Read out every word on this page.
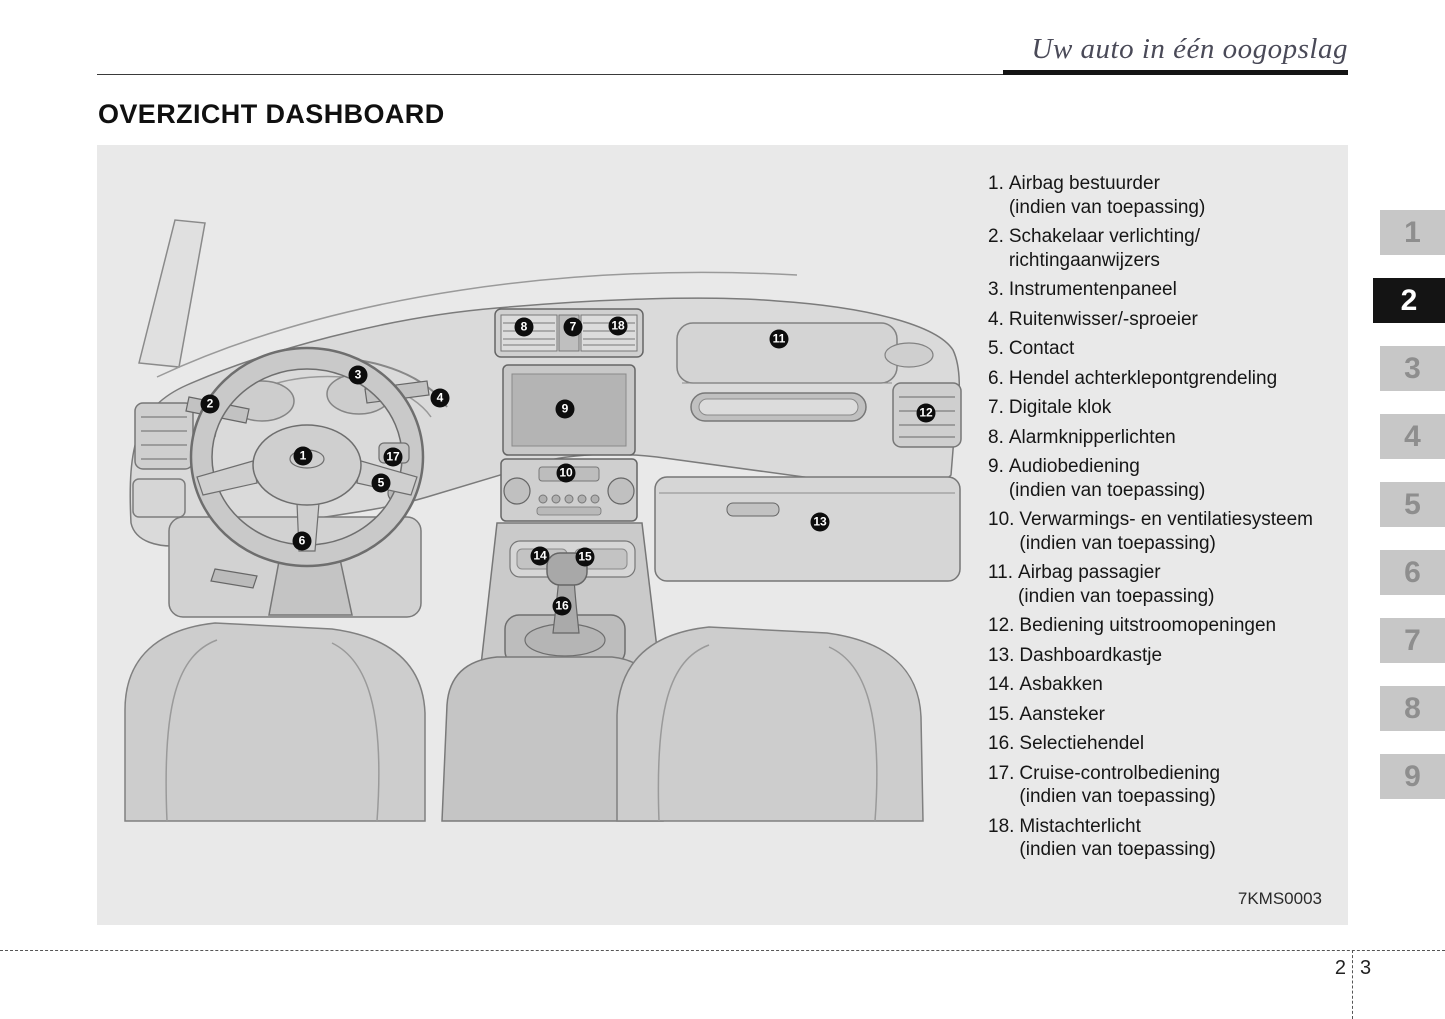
Uw auto in één oogopslag
OVERZICHT DASHBOARD
1
2
3
4
5
6
7
8
9
10
11
12
13
14	15
16
17
18
1. Airbag bestuurder
(indien van toepassing)
2. Schakelaar verlichting/
richtingaanwijzers
3. Instrumentenpaneel
4. Ruitenwisser/-sproeier
5. Contact
6. Hendel achterklepontgrendeling
7. Digitale klok
8. Alarmknipperlichten
9. Audiobediening
(indien van toepassing)
10. Verwarmings- en ventilatiesysteem
(indien van toepassing)
11. Airbag passagier
(indien van toepassing)
12. Bediening uitstroomopeningen
13. Dashboardkastje
14. Asbakken
15. Aansteker
16. Selectiehendel
17. Cruise-controlbediening
(indien van toepassing)
18. Mistachterlicht
(indien van toepassing)
7KMS0003
1
2
3
4
5
6
7
8
9
2 3
